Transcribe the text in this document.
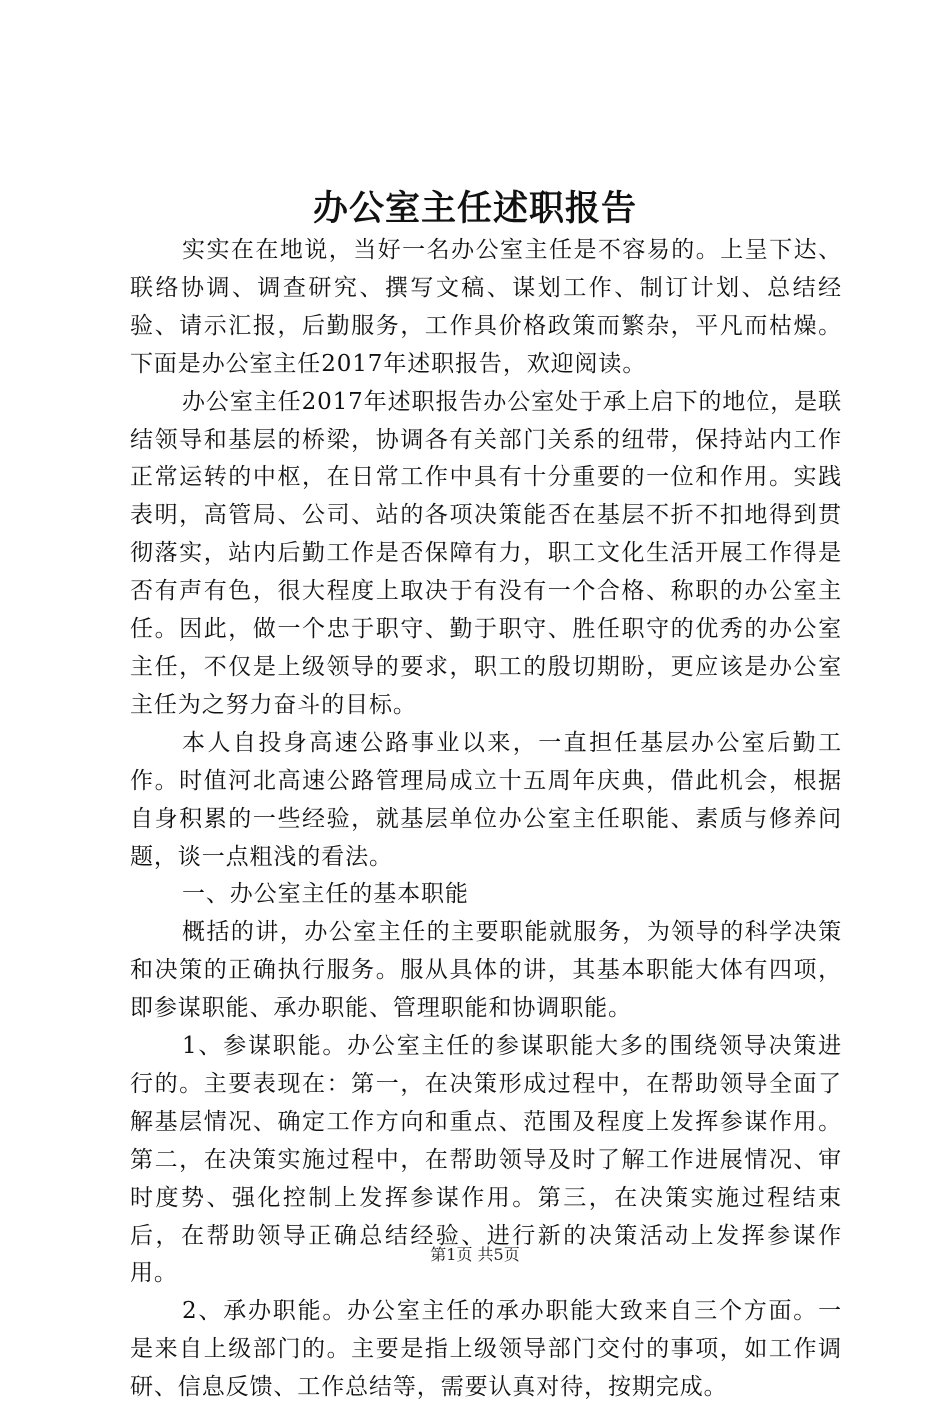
办公室主任述职报告

实实在在地说，当好一名办公室主任是不容易的。上呈下达、联络协调、调查研究、撰写文稿、谋划工作、制订计划、总结经验、请示汇报，后勤服务，工作具价格政策而繁杂，平凡而枯燥。下面是办公室主任2017年述职报告，欢迎阅读。

办公室主任2017年述职报告办公室处于承上启下的地位，是联结领导和基层的桥梁，协调各有关部门关系的纽带，保持站内工作正常运转的中枢，在日常工作中具有十分重要的一位和作用。实践表明，高管局、公司、站的各项决策能否在基层不折不扣地得到贯彻落实，站内后勤工作是否保障有力，职工文化生活开展工作得是否有声有色，很大程度上取决于有没有一个合格、称职的办公室主任。因此，做一个忠于职守、勤于职守、胜任职守的优秀的办公室主任，不仅是上级领导的要求，职工的殷切期盼，更应该是办公室主任为之努力奋斗的目标。

本人自投身高速公路事业以来，一直担任基层办公室后勤工作。时值河北高速公路管理局成立十五周年庆典，借此机会，根据自身积累的一些经验，就基层单位办公室主任职能、素质与修养问题，谈一点粗浅的看法。

一、办公室主任的基本职能

概括的讲，办公室主任的主要职能就服务，为领导的科学决策和决策的正确执行服务。服从具体的讲，其基本职能大体有四项，即参谋职能、承办职能、管理职能和协调职能。

1、参谋职能。办公室主任的参谋职能大多的围绕领导决策进行的。主要表现在：第一，在决策形成过程中，在帮助领导全面了解基层情况、确定工作方向和重点、范围及程度上发挥参谋作用。第二，在决策实施过程中，在帮助领导及时了解工作进展情况、审时度势、强化控制上发挥参谋作用。第三，在决策实施过程结束后，在帮助领导正确总结经验、进行新的决策活动上发挥参谋作用。

2、承办职能。办公室主任的承办职能大致来自三个方面。一是来自上级部门的。主要是指上级领导部门交付的事项，如工作调研、信息反馈、工作总结等，需要认真对待，按期完成。

第1页 共5页
